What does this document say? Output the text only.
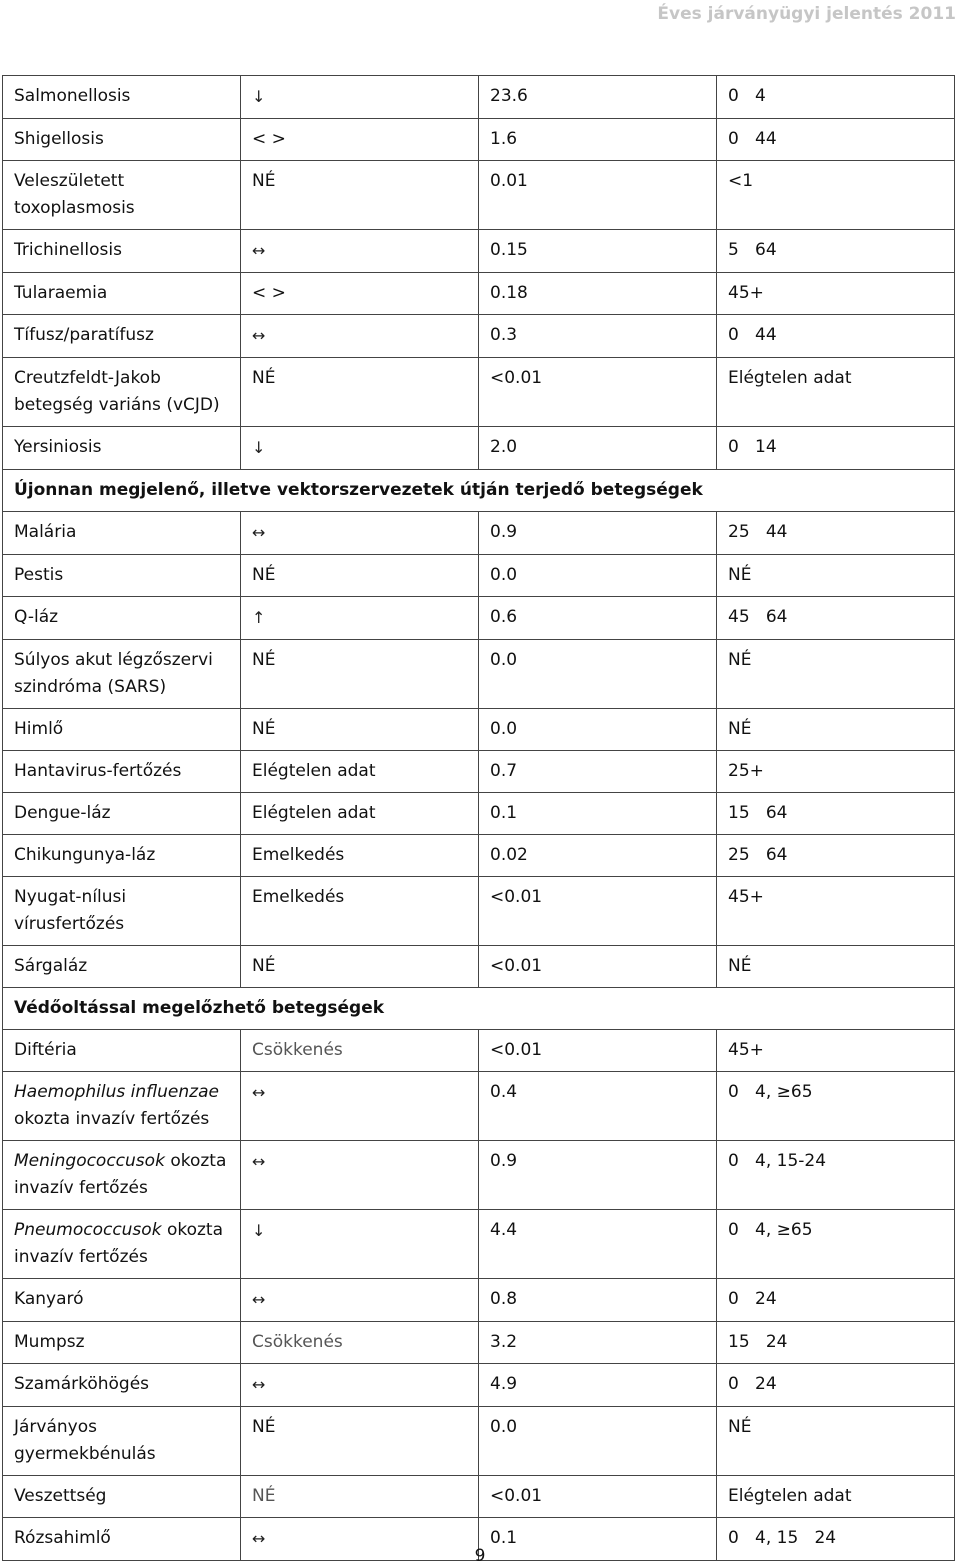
Éves járványügyi jelentés 2011
Salmonellosis	↓	23.6	0   4
Shigellosis	< >	1.6	0   44
Veleszületett toxoplasmosis	NÉ	0.01	<1
Trichinellosis	↔	0.15	5   64
Tularaemia	< >	0.18	45+
Tífusz/paratífusz	↔	0.3	0   44
Creutzfeldt-Jakob betegség variáns (vCJD)	NÉ	<0.01	Elégtelen adat
Yersiniosis	↓	2.0	0   14
Újonnan megjelenő, illetve vektorszervezetek útján terjedő betegségek			
Malária	↔	0.9	25   44
Pestis	NÉ	0.0	NÉ
Q-láz	↑	0.6	45   64
Súlyos akut légzőszervi szindróma (SARS)	NÉ	0.0	NÉ
Himlő	NÉ	0.0	NÉ
Hantavirus-fertőzés	Elégtelen adat	0.7	25+
Dengue-láz	Elégtelen adat	0.1	15   64
Chikungunya-láz	Emelkedés	0.02	25   64
Nyugat-nílusi vírusfertőzés	Emelkedés	<0.01	45+
Sárgaláz	NÉ	<0.01	NÉ
Védőoltással megelőzhető betegségek			
Diftéria	Csökkenés	<0.01	45+
Haemophilus influenzae okozta invazív fertőzés	↔	0.4	0   4, ≥65
Meningococcusok okozta invazív fertőzés	↔	0.9	0   4, 15-24
Pneumococcusok okozta invazív fertőzés	↓	4.4	0   4, ≥65
Kanyaró	↔	0.8	0   24
Mumpsz	Csökkenés	3.2	15   24
Szamárköhögés	↔	4.9	0   24
Járványos gyermekbénulás	NÉ	0.0	NÉ
Veszettség	NÉ	<0.01	Elégtelen adat
Rózsahimlő	↔	0.1	0   4, 15   24
9
